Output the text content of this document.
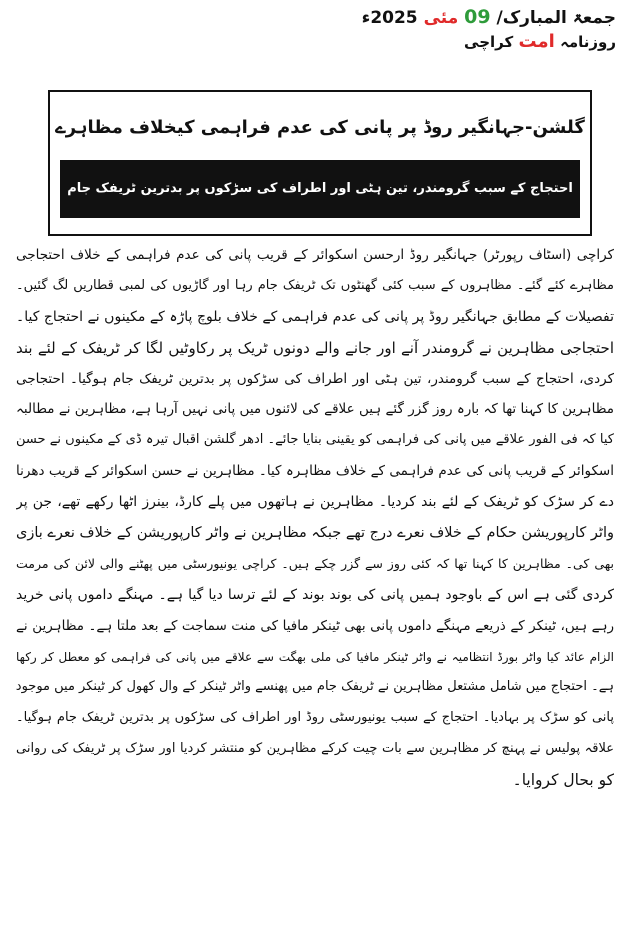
جمعۃ المبارک/ 09 مئی 2025ء
روزنامہ امت کراچی
گلشن-جہانگیر روڈ پر پانی کی عدم فراہمی کیخلاف مظاہرے
احتجاج کے سبب گرومندر، تین ہٹی اور اطراف کی سڑکوں پر بدترین ٹریفک جام
کراچی (اسٹاف رپورٹر) جہانگیر روڈ ارحسن اسکوائر کے قریب پانی کی عدم فراہمی کے خلاف احتجاجی
مظاہرے کئے گئے۔ مظاہروں کے سبب کئی گھنٹوں تک ٹریفک جام رہا اور گاڑیوں کی لمبی قطاریں لگ گئیں۔
تفصیلات کے مطابق جہانگیر روڈ پر پانی کی عدم فراہمی کے خلاف بلوچ پاڑہ کے مکینوں نے احتجاج کیا۔
احتجاجی مظاہرین نے گرومندر آنے اور جانے والے دونوں ٹریک پر رکاوٹیں لگا کر ٹریفک کے لئے بند
کردی، احتجاج کے سبب گرومندر، تین ہٹی اور اطراف کی سڑکوں پر بدترین ٹریفک جام ہوگیا۔ احتجاجی
مظاہرین کا کہنا تھا کہ بارہ روز گزر گئے ہیں علاقے کی لائنوں میں پانی نہیں آرہا ہے، مظاہرین نے مطالبہ
کیا کہ فی الفور علاقے میں پانی کی فراہمی کو یقینی بنایا جائے۔ ادھر گلشن اقبال تیرہ ڈی کے مکینوں نے حسن
اسکوائر کے قریب پانی کی عدم فراہمی کے خلاف مظاہرہ کیا۔ مظاہرین نے حسن اسکوائر کے قریب دھرنا
دے کر سڑک کو ٹریفک کے لئے بند کردیا۔ مظاہرین نے ہاتھوں میں پلے کارڈ، بینرز اٹھا رکھے تھے، جن پر
واٹر کارپوریشن حکام کے خلاف نعرے درج تھے جبکہ مظاہرین نے واٹر کارپوریشن کے خلاف نعرے بازی
بھی کی۔ مظاہرین کا کہنا تھا کہ کئی روز سے گزر چکے ہیں۔ کراچی یونیورسٹی میں پھٹنے والی لائن کی مرمت
کردی گئی ہے اس کے باوجود ہمیں پانی کی بوند بوند کے لئے ترسا دیا گیا ہے۔ مہنگے داموں پانی خرید
رہے ہیں، ٹینکر کے ذریعے مہنگے داموں پانی بھی ٹینکر مافیا کی منت سماجت کے بعد ملتا ہے۔ مظاہرین نے
الزام عائد کیا واٹر بورڈ انتظامیہ نے واٹر ٹینکر مافیا کی ملی بھگت سے علاقے میں پانی کی فراہمی کو معطل کر رکھا
ہے۔ احتجاج میں شامل مشتعل مظاہرین نے ٹریفک جام میں پھنسے واٹر ٹینکر کے وال کھول کر ٹینکر میں موجود
پانی کو سڑک پر بہادیا۔ احتجاج کے سبب یونیورسٹی روڈ اور اطراف کی سڑکوں پر بدترین ٹریفک جام ہوگیا۔
علاقہ پولیس نے پہنچ کر مظاہرین سے بات چیت کرکے مظاہرین کو منتشر کردیا اور سڑک پر ٹریفک کی روانی
کو بحال کروایا۔
